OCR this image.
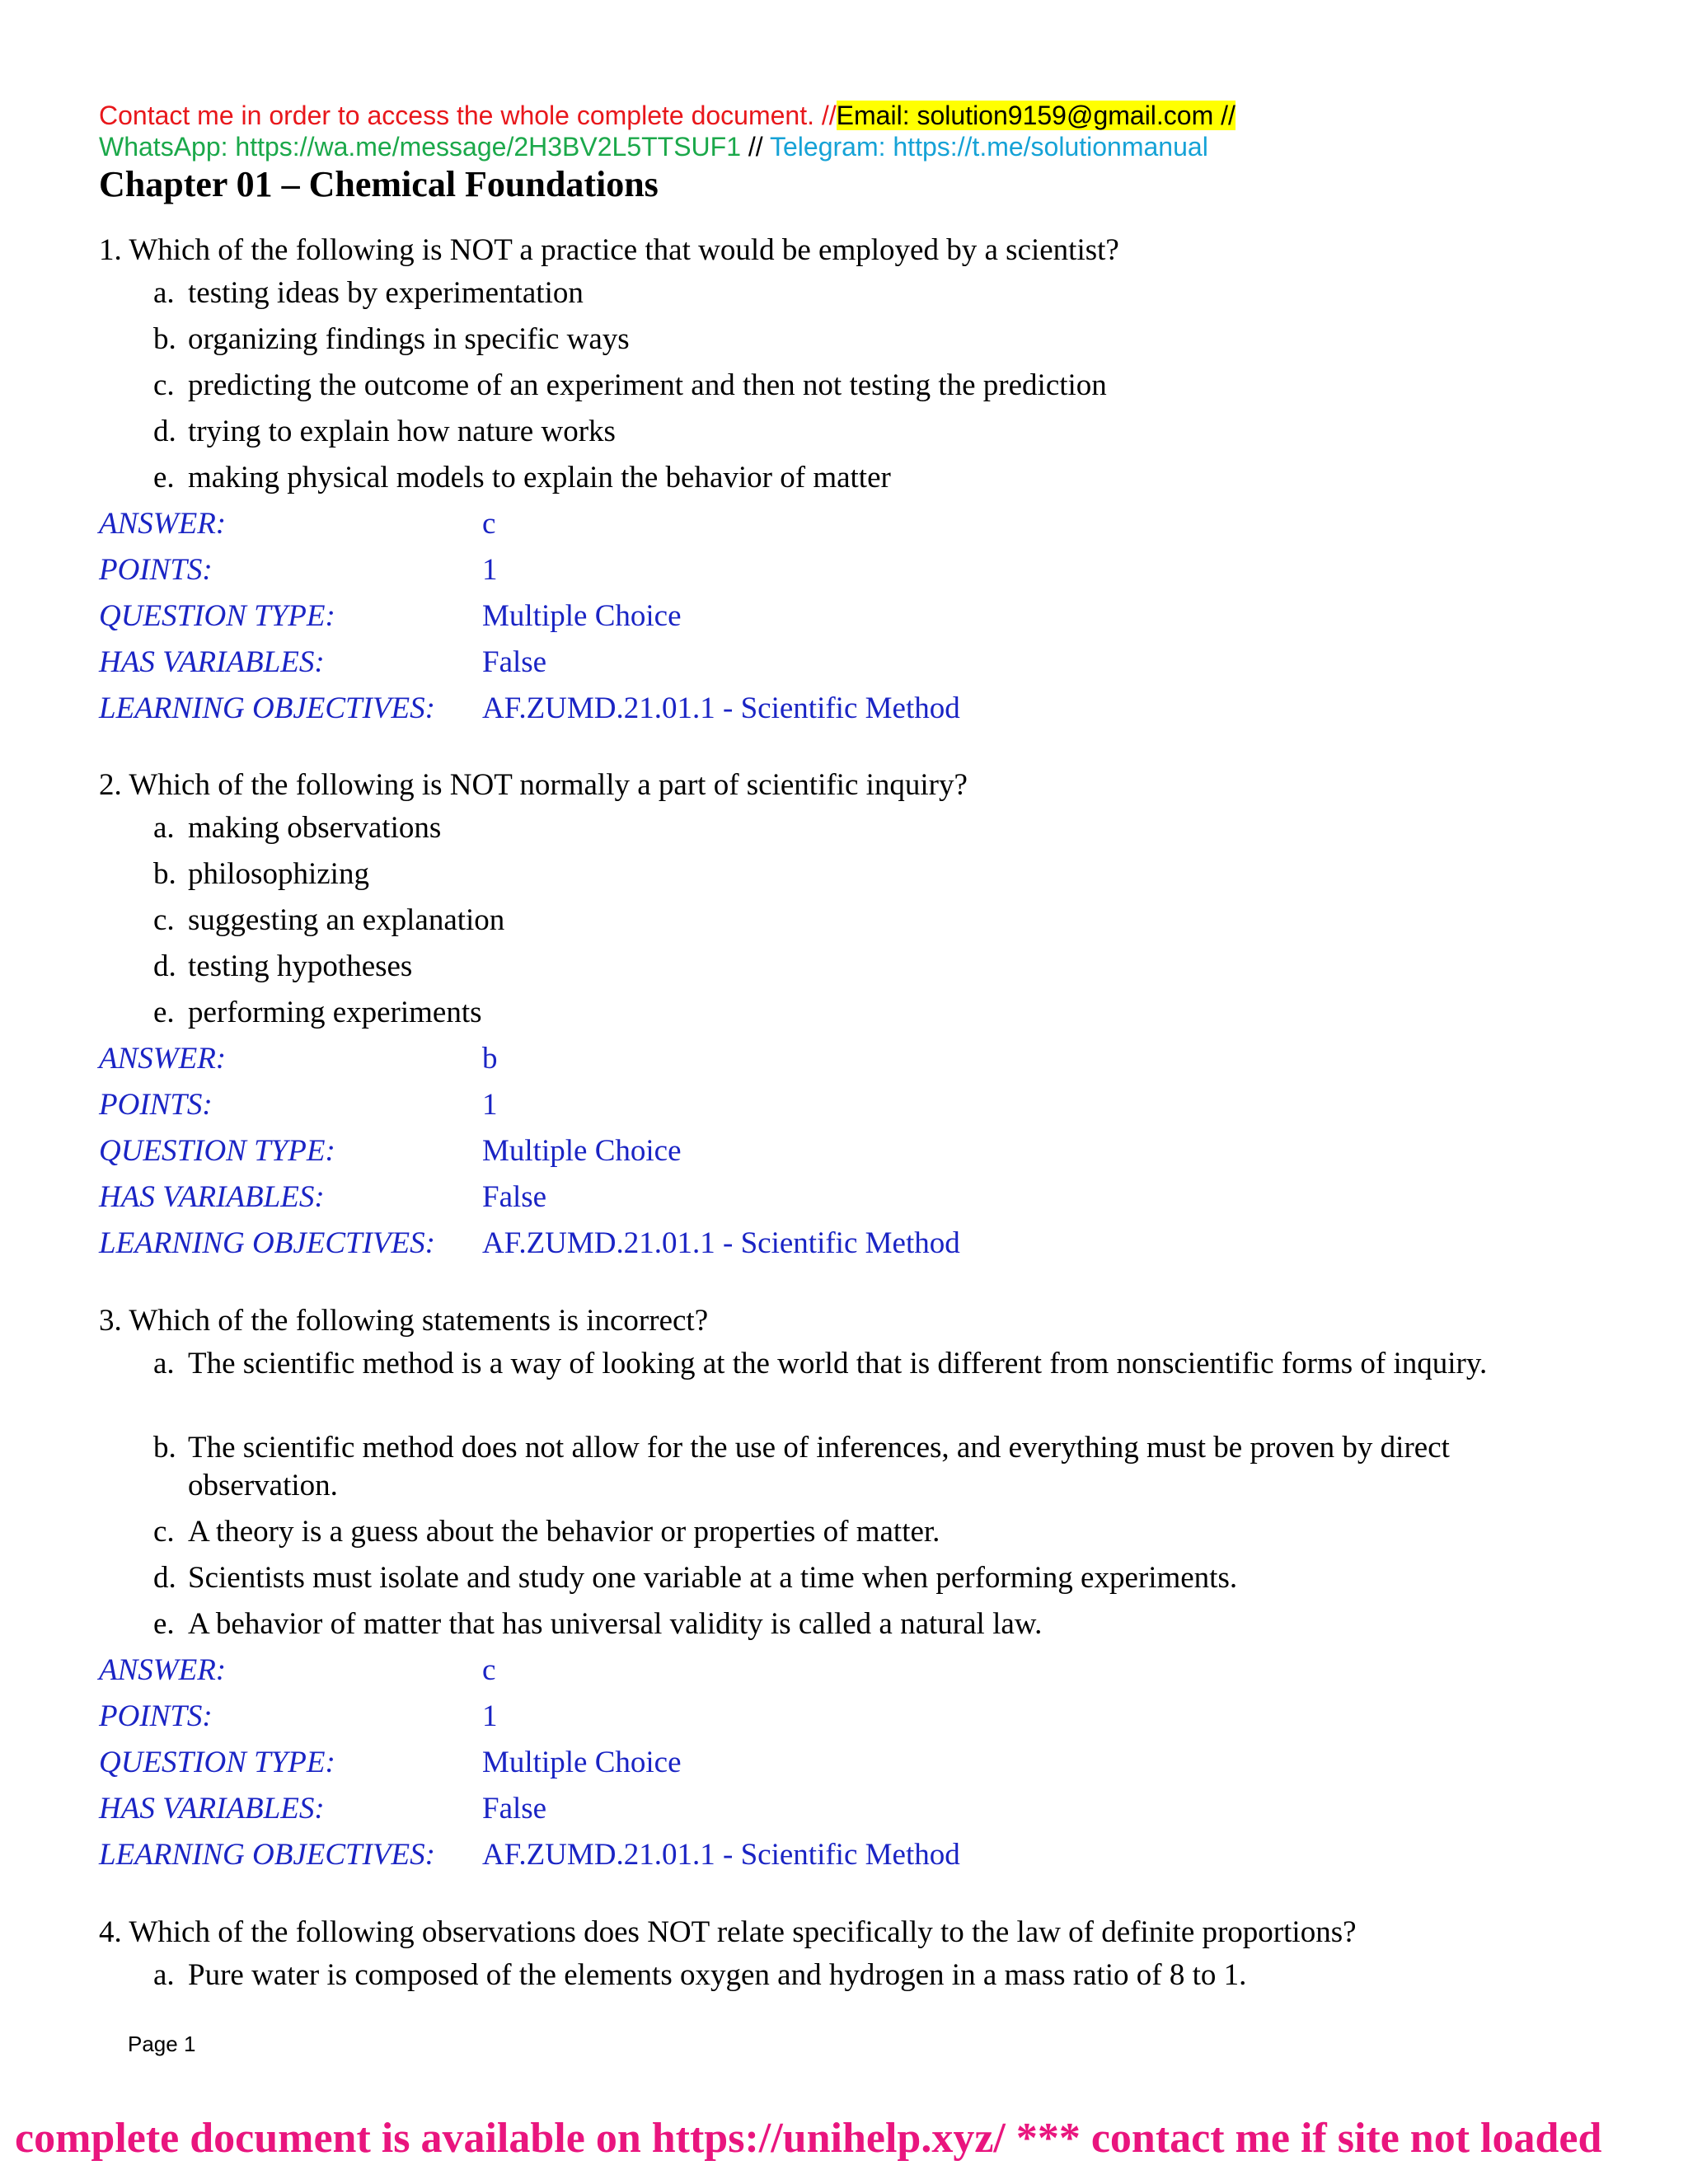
Contact me in order to access the whole complete document. //Email: solution9159@gmail.com //
WhatsApp: https://wa.me/message/2H3BV2L5TTSUF1 // Telegram: https://t.me/solutionmanual
Chapter 01 – Chemical Foundations
1. Which of the following is NOT a practice that would be employed by a scientist?
a. testing ideas by experimentation
b. organizing findings in specific ways
c. predicting the outcome of an experiment and then not testing the prediction
d. trying to explain how nature works
e. making physical models to explain the behavior of matter
ANSWER:	c
POINTS:	1
QUESTION TYPE:	Multiple Choice
HAS VARIABLES:	False
LEARNING OBJECTIVES: AF.ZUMD.21.01.1 - Scientific Method
2. Which of the following is NOT normally a part of scientific inquiry?
a. making observations
b. philosophizing
c. suggesting an explanation
d. testing hypotheses
e. performing experiments
ANSWER:	b
POINTS:	1
QUESTION TYPE:	Multiple Choice
HAS VARIABLES:	False
LEARNING OBJECTIVES: AF.ZUMD.21.01.1 - Scientific Method
3. Which of the following statements is incorrect?
a. The scientific method is a way of looking at the world that is different from nonscientific forms of inquiry.
b. The scientific method does not allow for the use of inferences, and everything must be proven by direct observation.
c. A theory is a guess about the behavior or properties of matter.
d. Scientists must isolate and study one variable at a time when performing experiments.
e. A behavior of matter that has universal validity is called a natural law.
ANSWER:	c
POINTS:	1
QUESTION TYPE:	Multiple Choice
HAS VARIABLES:	False
LEARNING OBJECTIVES: AF.ZUMD.21.01.1 - Scientific Method
4. Which of the following observations does NOT relate specifically to the law of definite proportions?
a. Pure water is composed of the elements oxygen and hydrogen in a mass ratio of 8 to 1.
Page 1
complete document is available on https://unihelp.xyz/ *** contact me if site not loaded
